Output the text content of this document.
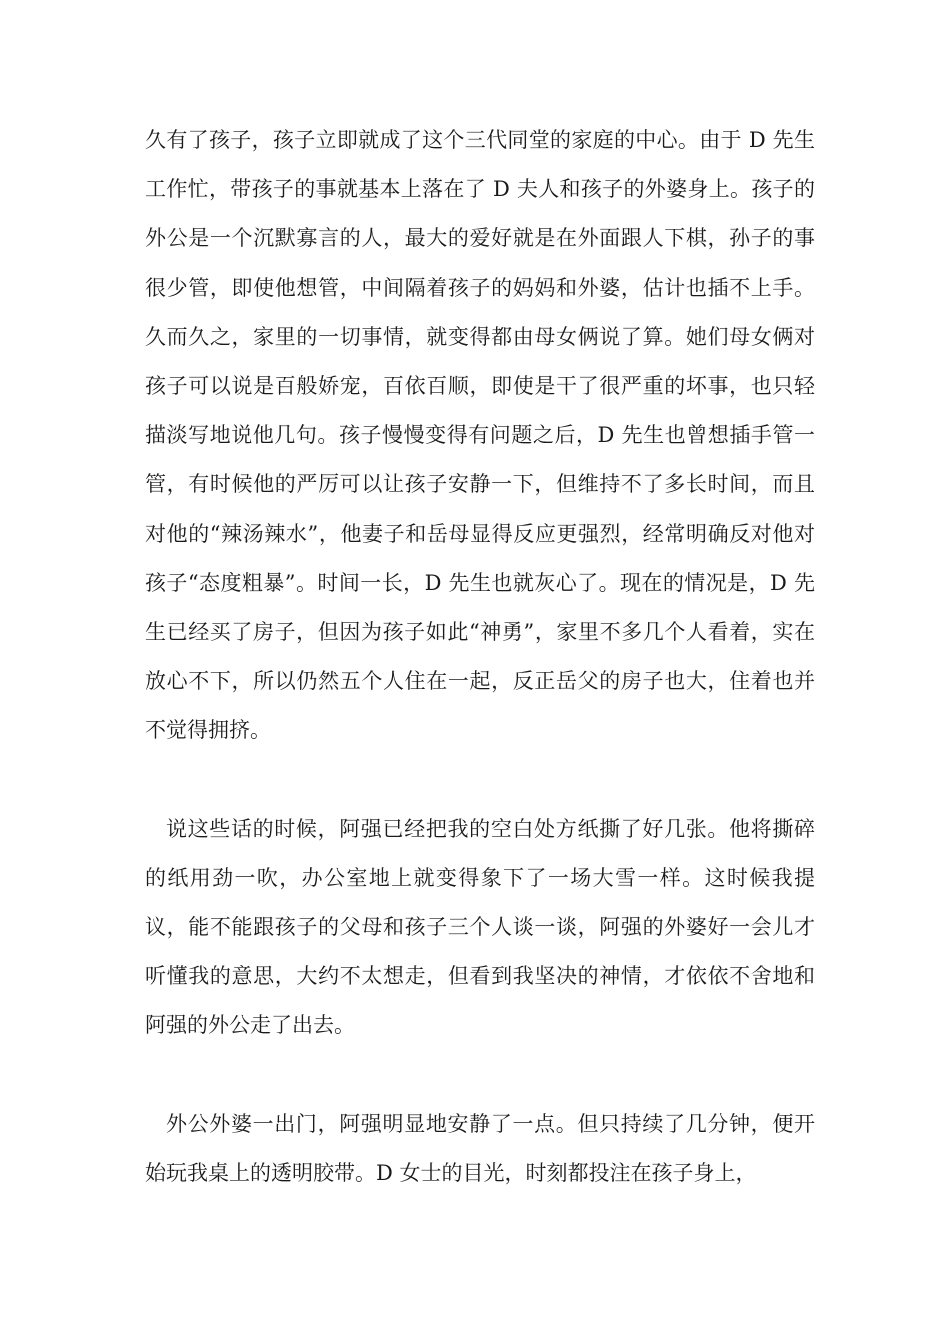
久有了孩子，孩子立即就成了这个三代同堂的家庭的中心。由于 D 先生工作忙，带孩子的事就基本上落在了 D 夫人和孩子的外婆身上。孩子的外公是一个沉默寡言的人，最大的爱好就是在外面跟人下棋，孙子的事很少管，即使他想管，中间隔着孩子的妈妈和外婆，估计也插不上手。久而久之，家里的一切事情，就变得都由母女俩说了算。她们母女俩对孩子可以说是百般娇宠，百依百顺，即使是干了很严重的坏事，也只轻描淡写地说他几句。孩子慢慢变得有问题之后，D 先生也曾想插手管一管，有时候他的严厉可以让孩子安静一下，但维持不了多长时间，而且对他的“辣汤辣水”，他妻子和岳母显得反应更强烈，经常明确反对他对孩子“态度粗暴”。时间一长，D 先生也就灰心了。现在的情况是，D 先生已经买了房子，但因为孩子如此“神勇”，家里不多几个人看着，实在放心不下，所以仍然五个人住在一起，反正岳父的房子也大，住着也并不觉得拥挤。

说这些话的时候，阿强已经把我的空白处方纸撕了好几张。他将撕碎的纸用劲一吹，办公室地上就变得象下了一场大雪一样。这时候我提议，能不能跟孩子的父母和孩子三个人谈一谈，阿强的外婆好一会儿才听懂我的意思，大约不太想走，但看到我坚决的神情，才依依不舍地和阿强的外公走了出去。

外公外婆一出门，阿强明显地安静了一点。但只持续了几分钟，便开始玩我桌上的透明胶带。D 女士的目光，时刻都投注在孩子身上，
